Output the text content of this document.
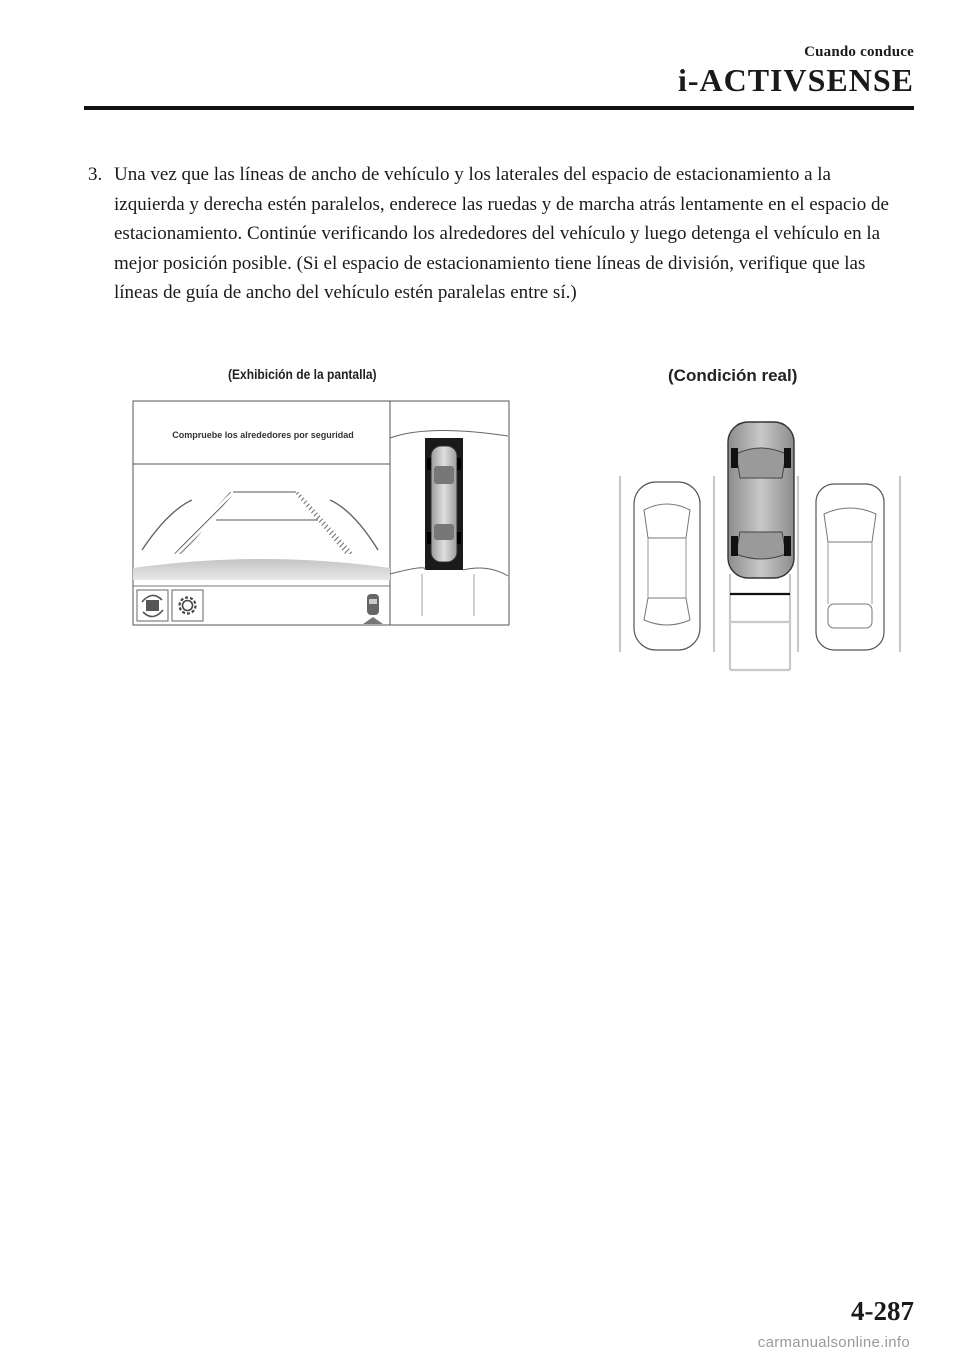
Cuando conduce
i-ACTIVSENSE
3. Una vez que las líneas de ancho de vehículo y los laterales del espacio de estacionamiento a la izquierda y derecha estén paralelos, enderece las ruedas y de marcha atrás lentamente en el espacio de estacionamiento. Continúe verificando los alrededores del vehículo y luego detenga el vehículo en la mejor posición posible. (Si el espacio de estacionamiento tiene líneas de división, verifique que las líneas de guía de ancho del vehículo estén paralelas entre sí.)
(Exhibición de la pantalla)	(Condición real)
Compruebe los alrededores por seguridad
4-287
carmanualsonline.info
